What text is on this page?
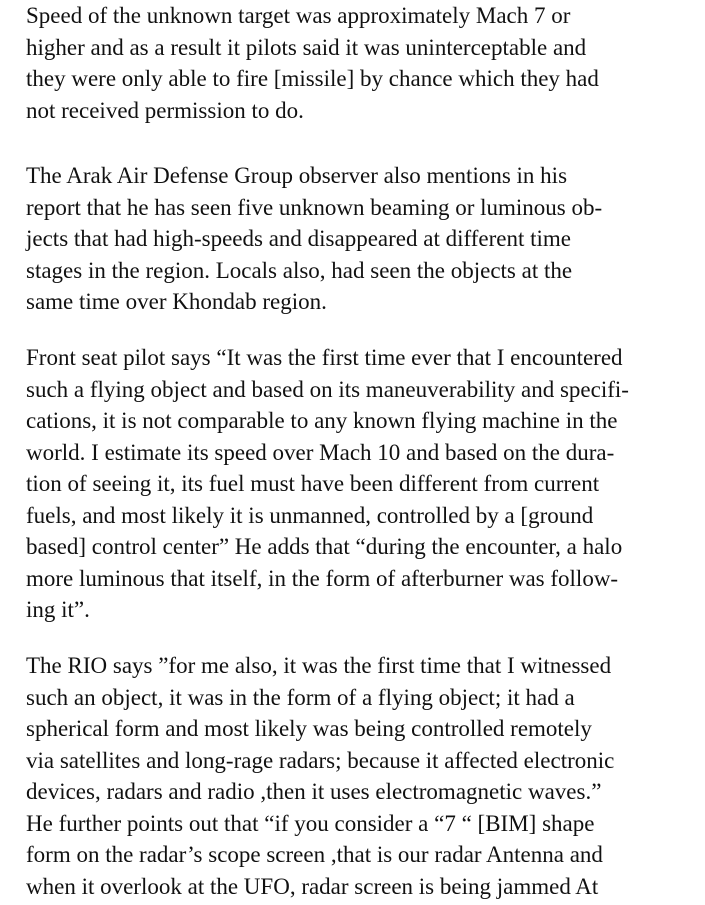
Speed of the unknown target was approximately Mach 7 or
higher and as a result it pilots said it was uninterceptable and
they were only able to fire [missile] by chance which they had
not received permission to do.

The Arak Air Defense Group observer also mentions in his
report that he has seen five unknown beaming or luminous ob-
jects that had high-speeds and disappeared at different time
stages in the region. Locals also, had seen the objects at the
same time over Khondab region.

Front seat pilot says “It was the first time ever that I encountered
such a flying object and based on its maneuverability and specifi-
cations, it is not comparable to any known flying machine in the
world. I estimate its speed over Mach 10 and based on the dura-
tion of seeing it, its fuel must have been different from current
fuels, and most likely it is unmanned, controlled by a [ground
based] control center” He adds that “during the encounter, a halo
more luminous that itself, in the form of afterburner was follow-
ing it”.

The RIO says ”for me also, it was the first time that I witnessed
such an object, it was in the form of a flying object; it had a
spherical form and most likely was being controlled remotely
via satellites and long-rage radars; because it affected electronic
devices, radars and radio ,then it uses electromagnetic waves.”
He further points out that “if you consider a “7 “ [BIM] shape
form on the radar’s scope screen ,that is our radar Antenna and
when it overlook at the UFO, radar screen is being jammed At
